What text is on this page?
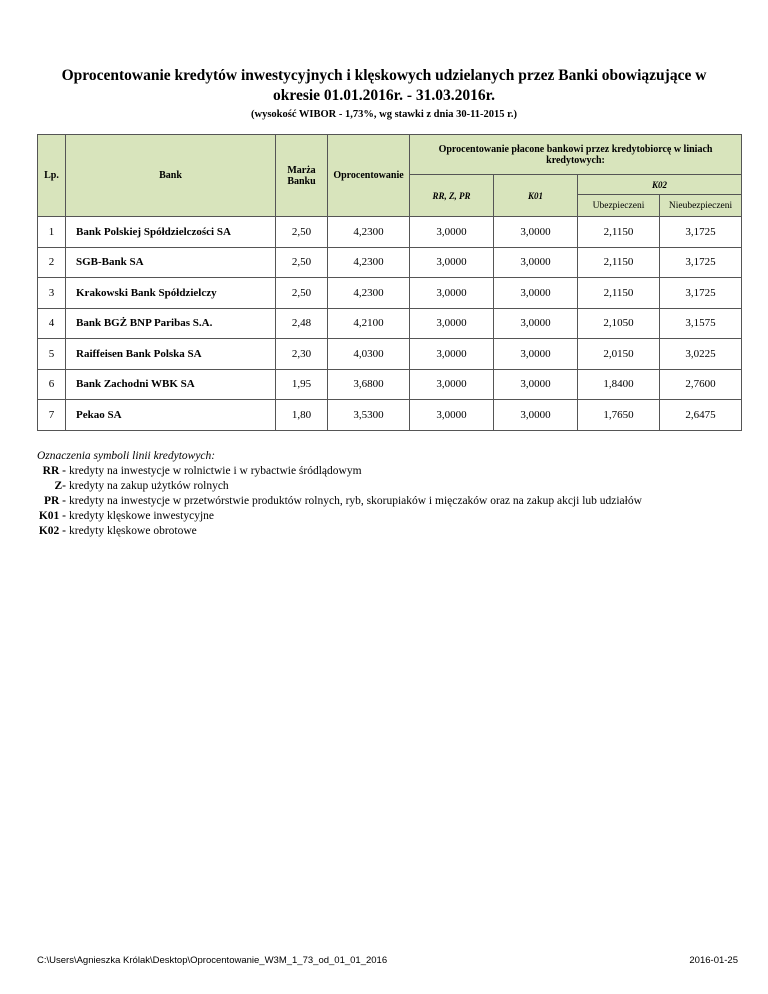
Oprocentowanie kredytów inwestycyjnych i klęskowych udzielanych przez Banki obowiązujące w okresie 01.01.2016r. - 31.03.2016r.
(wysokość WIBOR - 1,73%, wg stawki z dnia 30-11-2015 r.)
Lp.	Bank	Marża Banku	Oprocentowanie	Oprocentowanie płacone bankowi przez kredytobiorcę w liniach kredytowych:			
				RR, Z, PR	K01	K02	
						Ubezpieczeni	Nieubezpieczeni
1	Bank Polskiej Spółdzielczości SA	2,50	4,2300	3,0000	3,0000	2,1150	3,1725
2	SGB-Bank SA	2,50	4,2300	3,0000	3,0000	2,1150	3,1725
3	Krakowski Bank Spółdzielczy	2,50	4,2300	3,0000	3,0000	2,1150	3,1725
4	Bank BGŻ BNP Paribas S.A.	2,48	4,2100	3,0000	3,0000	2,1050	3,1575
5	Raiffeisen Bank Polska SA	2,30	4,0300	3,0000	3,0000	2,0150	3,0225
6	Bank Zachodni WBK SA	1,95	3,6800	3,0000	3,0000	1,8400	2,7600
7	Pekao SA	1,80	3,5300	3,0000	3,0000	1,7650	2,6475
Oznaczenia symboli linii kredytowych:
RR - kredyty na inwestycje w rolnictwie i w rybactwie śródlądowym
Z- kredyty na zakup użytków rolnych
PR - kredyty na inwestycje w przetwórstwie produktów rolnych, ryb, skorupiaków i mięczaków oraz na zakup akcji lub udziałów
K01 - kredyty klęskowe inwestycyjne
K02 - kredyty klęskowe obrotowe
C:\Users\Agnieszka Królak\Desktop\Oprocentowanie_W3M_1_73_od_01_01_2016	2016-01-25
